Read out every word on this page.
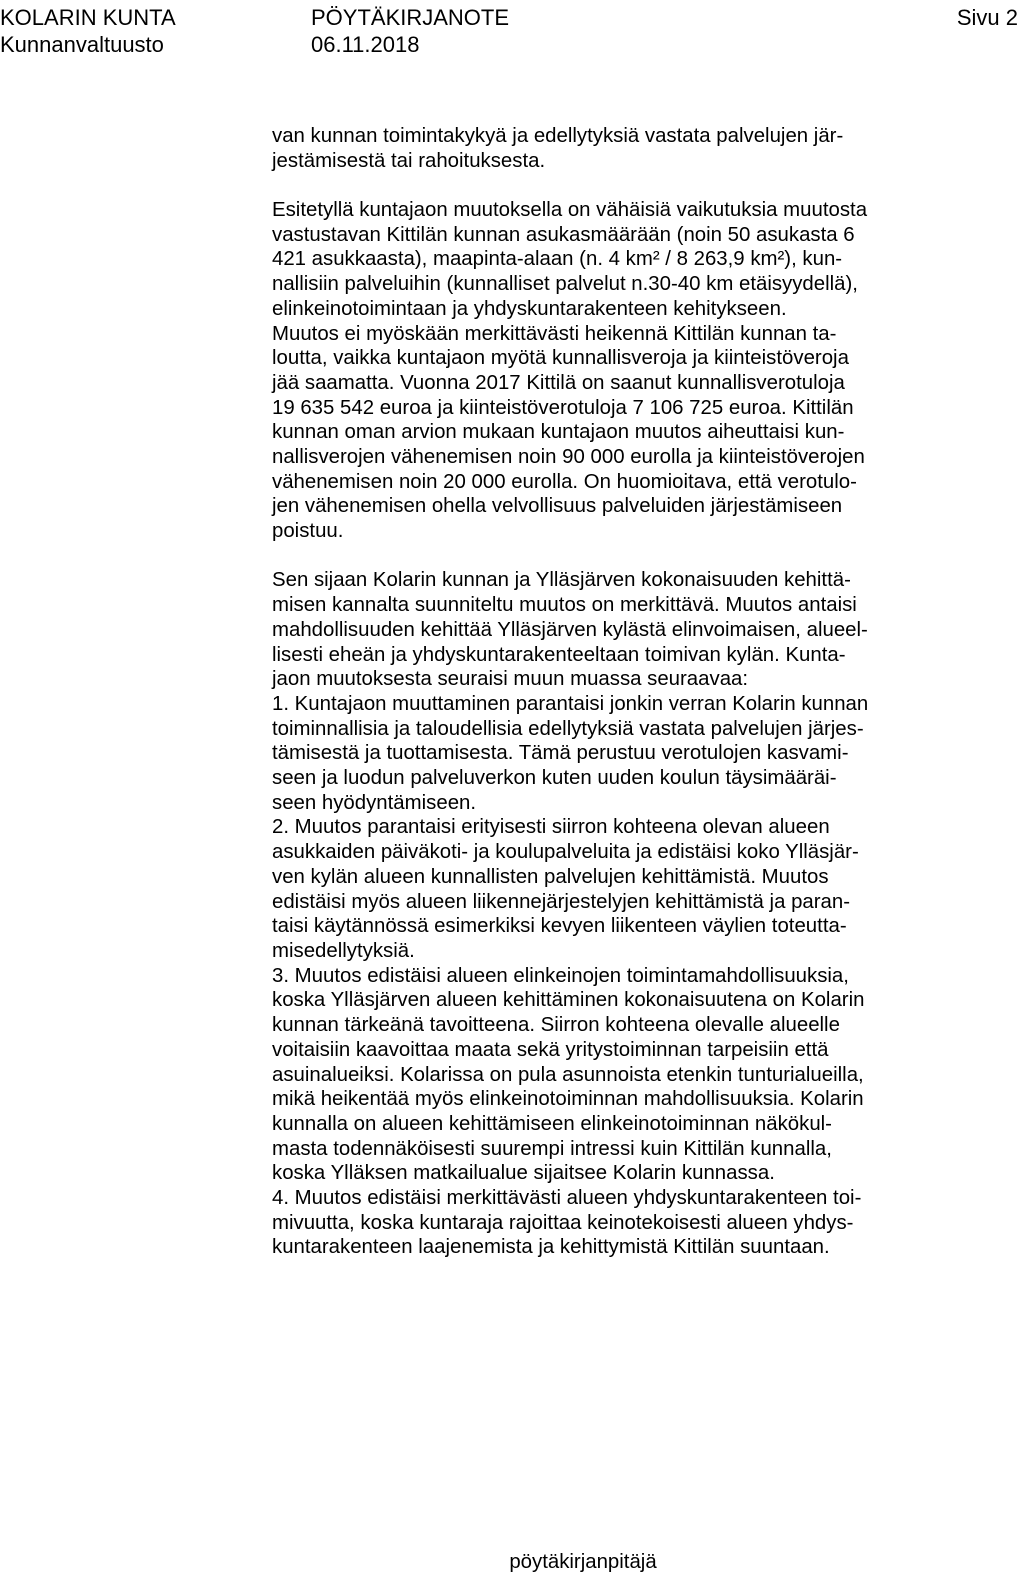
KOLARIN KUNTA
Kunnanvaltuusto
PÖYTÄKIRJANOTE
06.11.2018
Sivu 2
van kunnan toimintakykyä ja edellytyksiä vastata palvelujen jär-
jestämisestä tai rahoituksesta.
Esitetyllä kuntajaon muutoksella on vähäisiä vaikutuksia muutosta
vastustavan Kittilän kunnan asukasmäärään (noin 50 asukasta 6
421 asukkaasta), maapinta-alaan (n. 4 km² / 8 263,9 km²), kun-
nallisiin palveluihin (kunnalliset palvelut n.30-40 km etäisyydellä),
elinkeinotoimintaan ja yhdyskuntarakenteen kehitykseen.
Muutos ei myöskään merkittävästi heikennä Kittilän kunnan ta-
loutta, vaikka kuntajaon myötä kunnallisveroja ja kiinteistöveroja
jää saamatta. Vuonna 2017 Kittilä on saanut kunnallisverotuloja
19 635 542 euroa ja kiinteistöverotuloja 7 106 725 euroa. Kittilän
kunnan oman arvion mukaan kuntajaon muutos aiheuttaisi kun-
nallisverojen vähenemisen noin 90 000 eurolla ja kiinteistöverojen
vähenemisen noin 20 000 eurolla. On huomioitava, että verotulo-
jen vähenemisen ohella velvollisuus palveluiden järjestämiseen
poistuu.
Sen sijaan Kolarin kunnan ja Ylläsjärven kokonaisuuden kehittä-
misen kannalta suunniteltu muutos on merkittävä. Muutos antaisi
mahdollisuuden kehittää Ylläsjärven kylästä elinvoimaisen, alueel-
lisesti eheän ja yhdyskuntarakenteeltaan toimivan kylän. Kunta-
jaon muutoksesta seuraisi muun muassa seuraavaa:
1. Kuntajaon muuttaminen parantaisi jonkin verran Kolarin kunnan
toiminnallisia ja taloudellisia edellytyksiä vastata palvelujen järjes-
tämisestä ja tuottamisesta. Tämä perustuu verotulojen kasvami-
seen ja luodun palveluverkon kuten uuden koulun täysimääräi-
seen hyödyntämiseen.
2. Muutos parantaisi erityisesti siirron kohteena olevan alueen
asukkaiden päiväkoti- ja koulupalveluita ja edistäisi koko Ylläsjär-
ven kylän alueen kunnallisten palvelujen kehittämistä. Muutos
edistäisi myös alueen liikennejärjestelyjen kehittämistä ja paran-
taisi käytännössä esimerkiksi kevyen liikenteen väylien toteutta-
misedellytyksiä.
3. Muutos edistäisi alueen elinkeinojen toimintamahdollisuuksia,
koska Ylläsjärven alueen kehittäminen kokonaisuutena on Kolarin
kunnan tärkeänä tavoitteena. Siirron kohteena olevalle alueelle
voitaisiin kaavoittaa maata sekä yritystoiminnan tarpeisiin että
asuinalueiksi. Kolarissa on pula asunnoista etenkin tunturialueilla,
mikä heikentää myös elinkeinotoiminnan mahdollisuuksia. Kolarin
kunnalla on alueen kehittämiseen elinkeinotoiminnan näkökul-
masta todennäköisesti suurempi intressi kuin Kittilän kunnalla,
koska Ylläksen matkailualue sijaitsee Kolarin kunnassa.
4. Muutos edistäisi merkittävästi alueen yhdyskuntarakenteen toi-
mivuutta, koska kuntaraja rajoittaa keinotekoisesti alueen yhdys-
kuntarakenteen laajenemista ja kehittymistä Kittilän suuntaan.
pöytäkirjanpitäjä
